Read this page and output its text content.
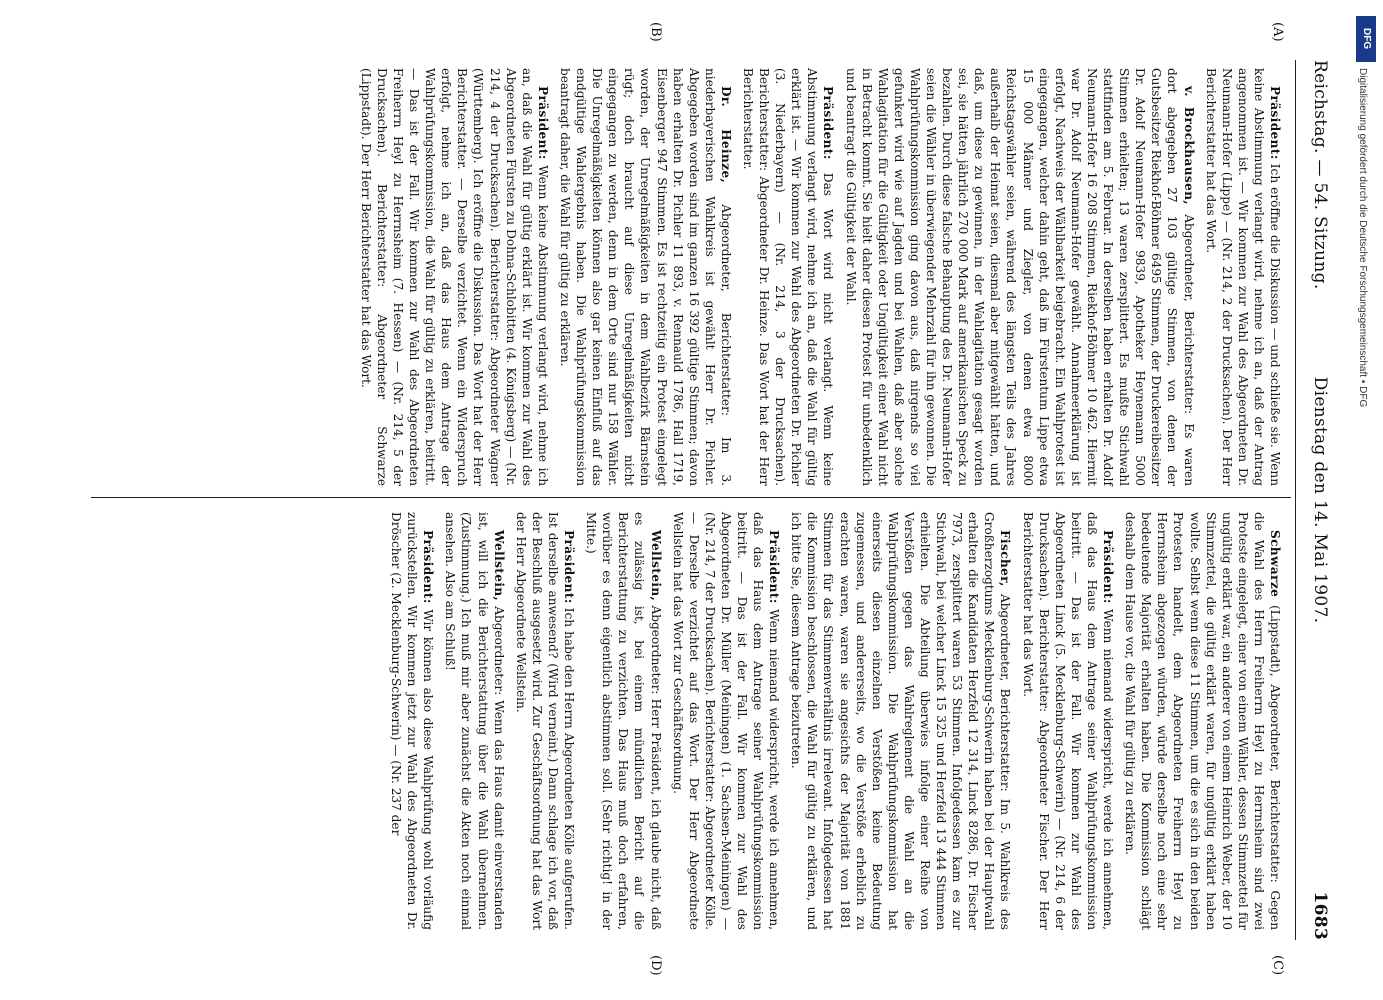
Reichstag. — 54. Sitzung.
Dienstag den 14. Mai 1907.
1683
(A)
(B)
(C)
(D)

Präsident: Ich eröffne die Diskussion — und schließe sie. Wenn keine Abstimmung verlangt wird, nehme ich an, daß der Antrag angenommen ist. — Wir kommen zur Wahl des Abgeordneten Dr. Neumann-Hofer (Lippe) — (Nr. 214, 2 der Drucksachen). Der Herr Berichterstatter hat das Wort.

v. Brockhausen, Abgeordneter, Berichterstatter: Es waren dort abgegeben 27 103 gültige Stimmen, von denen der Gutsbesitzer Riekhof-Böhmer 6495 Stimmen, der Druckereibesitzer Dr. Adolf Neumann-Hofer 9839, Apotheker Heynemann 5000 Stimmen erhielten; 13 waren zersplittert. Es mußte Stichwahl stattfinden am 5. Februar. In derselben haben erhalten Dr. Adolf Neumann-Hofer 16 208 Stimmen, Riekhof-Böhmer 10 462. Hiermit war Dr. Adolf Neumann-Hofer gewählt. Annahmeerklärung ist erfolgt, Nachweis der Wählbarkeit beigebracht. Ein Wahlprotest ist eingegangen, welcher dahin geht, daß im Fürstentum Lippe etwa 15 000 Männer und Ziegler, von denen etwa 8000 Reichstagswähler seien, während des längsten Teils des Jahres außerhalb der Heimat seien, diesmal aber mitgewählt hätten, und daß, um diese zu gewinnen, in der Wahlagitation gesagt worden sei, sie hätten jährlich 270 000 Mark auf amerikanischen Speck zu bezahlen. Durch diese falsche Behauptung des Dr. Neumann-Hofer seien die Wähler in überwiegender Mehrzahl für ihn gewonnen. Die Wahlprüfungskommission ging davon aus, daß nirgends so viel gefunkert wird wie auf Jagden und bei Wahlen, daß aber solche Wahlagitation für die Gültigkeit oder Ungültigkeit einer Wahl nicht in Betracht kommt. Sie hielt daher diesen Protest für unbedenklich und beantragt die Gültigkeit der Wahl.

Präsident: Das Wort wird nicht verlangt. Wenn keine Abstimmung verlangt wird, nehme ich an, daß die Wahl für gültig erklärt ist. — Wir kommen zur Wahl des Abgeordneten Dr. Pichler (3. Niederbayern) — (Nr. 214, 3 der Drucksachen). Berichterstatter: Abgeordneter Dr. Heinze. Das Wort hat der Herr Berichterstatter.

Dr. Heinze, Abgeordneter, Berichterstatter: Im 3. niederbayerischen Wahlkreis ist gewählt Herr Dr. Pichler. Abgegeben worden sind im ganzen 16 392 gültige Stimmen; davon haben erhalten Dr. Pichler 11 893, v. Rennauld 1786, Hall 1719, Eisenberger 947 Stimmen. Es ist rechtzeitig ein Protest eingelegt worden, der Unregelmäßigkeiten in dem Wahlbezirk Bärnstein rügt; doch braucht auf diese Unregelmäßigkeiten nicht eingegangen zu werden, denn in dem Orte sind nur 158 Wähler. Die Unregelmäßigkeiten können also gar keinen Einfluß auf das endgültige Wahlergebnis haben. Die Wahlprüfungskommission beantragt daher, die Wahl für gültig zu erklären.

Präsident: Wenn keine Abstimmung verlangt wird, nehme ich an, daß die Wahl für gültig erklärt ist. Wir kommen zur Wahl des Abgeordneten Fürsten zu Dohna-Schlobitten (4. Königsberg) — (Nr. 214, 4 der Drucksachen). Berichterstatter: Abgeordneter Wagner (Württemberg). Ich eröffne die Diskussion. Das Wort hat der Herr Berichterstatter. — Derselbe verzichtet. Wenn ein Widerspruch erfolgt, nehme ich an, daß das Haus dem Antrage der Wahlprüfungskommission, die Wahl für gültig zu erklären, beitritt. — Das ist der Fall. Wir kommen zur Wahl des Abgeordneten Freiherrn Heyl zu Herrnsheim (7. Hessen) — (Nr. 214, 5 der Drucksachen). Berichterstatter: Abgeordneter Schwarze (Lippstadt). Der Herr Berichterstatter hat das Wort.

Schwarze (Lippstadt), Abgeordneter, Berichterstatter: Gegen die Wahl des Herrn Freiherrn Heyl zu Herrnsheim sind zwei Proteste eingelegt, einer von einem Wähler, dessen Stimmzettel für ungültig erklärt war, ein anderer von einem Heinrich Weber, der 10 Stimmzettel, die gültig erklärt waren, für ungültig erklärt haben wollte. Selbst wenn diese 11 Stimmen, um die es sich in den beiden Protesten handelt, dem Abgeordneten Freiherrn Heyl zu Herrnsheim abgezogen würden, würde derselbe noch eine sehr bedeutende Majorität erhalten haben. Die Kommission schlägt deshalb dem Hause vor, die Wahl für gültig zu erklären.

Präsident: Wenn niemand widerspricht, werde ich annehmen, daß das Haus dem Antrage seiner Wahlprüfungskommission beitritt. — Das ist der Fall. Wir kommen zur Wahl des Abgeordneten Linck (5. Mecklenburg-Schwerin) — (Nr. 214, 6 der Drucksachen). Berichterstatter: Abgeordneter Fischer. Der Herr Berichterstatter hat das Wort.

Fischer, Abgeordneter, Berichterstatter: Im 5. Wahlkreis des Großherzogtums Mecklenburg-Schwerin haben bei der Hauptwahl erhalten die Kandidaten Herzfeld 12 314, Linck 8286, Dr. Fischer 7973, zersplittert waren 53 Stimmen. Infolgedessen kam es zur Stichwahl, bei welcher Linck 15 325 und Herzfeld 13 444 Stimmen erhielten. Die Abteilung überwies infolge einer Reihe von Verstößen gegen das Wahlreglement die Wahl an die Wahlprüfungskommission. Die Wahlprüfungskommission hat einerseits diesen einzelnen Verstößen keine Bedeutung zugemessen, und andererseits, wo die Verstöße erheblich zu erachten waren, waren sie angesichts der Majorität von 1881 Stimmen für das Stimmenverhältnis irrelevant. Infolgedessen hat die Kommission beschlossen, die Wahl für gültig zu erklären, und ich bitte Sie, diesem Antrage beizutreten.

Präsident: Wenn niemand widerspricht, werde ich annehmen, daß das Haus dem Antrage seiner Wahlprüfungskommission beitritt. — Das ist der Fall. Wir kommen zur Wahl des Abgeordneten Dr. Müller (Meiningen) (1. Sachsen-Meiningen) — (Nr. 214, 7 der Drucksachen). Berichterstatter: Abgeordneter Kölle. — Derselbe verzichtet auf das Wort. Der Herr Abgeordnete Wellstein hat das Wort zur Geschäftsordnung.

Wellstein, Abgeordneter: Herr Präsident, ich glaube nicht, daß es zulässig ist, bei einem mündlichen Bericht auf die Berichterstattung zu verzichten. Das Haus muß doch erfahren, worüber es denn eigentlich abstimmen soll. (Sehr richtig! in der Mitte.)

Präsident: Ich habe den Herrn Abgeordneten Kölle aufgerufen. Ist derselbe anwesend? (Wird verneint.) Dann schlage ich vor, daß der Beschluß ausgesetzt wird. Zur Geschäftsordnung hat das Wort der Herr Abgeordnete Wellstein.

Wellstein, Abgeordneter: Wenn das Haus damit einverstanden ist, will ich die Berichterstattung über die Wahl übernehmen. (Zustimmung.) Ich muß mir aber zunächst die Akten noch einmal ansehen. Also am Schluß!

Präsident: Wir können also diese Wahlprüfung wohl vorläufig zurückstellen. Wir kommen jetzt zur Wahl des Abgeordneten Dr. Dröscher (2. Mecklenburg-Schwerin) — (Nr. 237 der

DFG
Digitalisierung gefördert durch die Deutsche Forschungsgemeinschaft • DFG
